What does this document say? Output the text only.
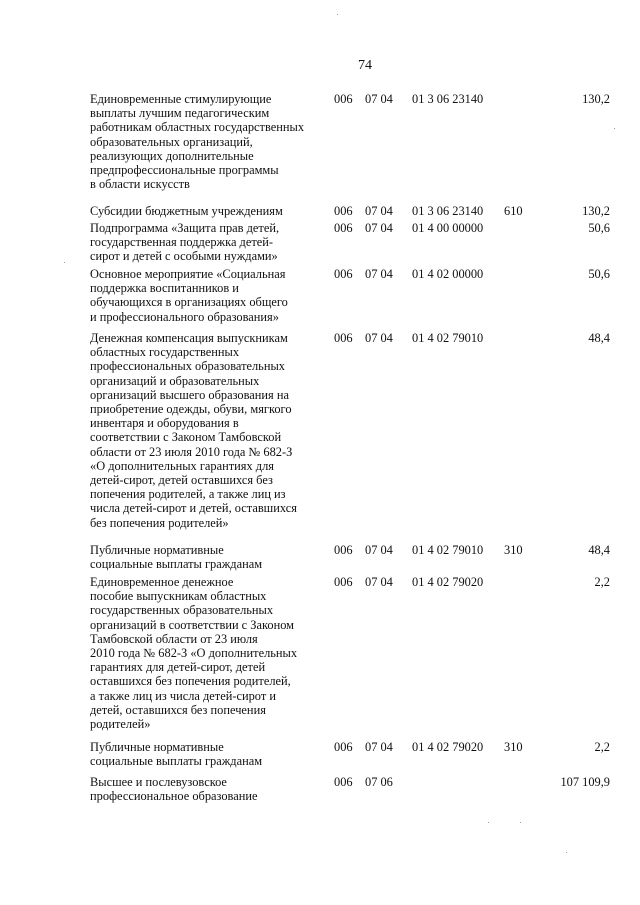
74
Единовременные стимулирующие
выплаты лучшим педагогическим
работникам областных государственных
образовательных организаций,
реализующих дополнительные
предпрофессиональные программы
в области искусств
006 07 04 01 3 06 23140	130,2
Субсидии бюджетным учреждениям	006 07 04 01 3 06 23140 610	130,2
Подпрограмма «Защита прав детей,
государственная поддержка детей-
сирот и детей с особыми нуждами»
006 07 04 01 4 00 00000	50,6
Основное мероприятие «Социальная
поддержка воспитанников и
обучающихся в организациях общего
и профессионального образования»
006 07 04 01 4 02 00000	50,6
Денежная компенсация выпускникам
областных государственных
профессиональных образовательных
организаций и образовательных
организаций высшего образования на
приобретение одежды, обуви, мягкого
инвентаря и оборудования в
соответствии с Законом Тамбовской
области от 23 июля 2010 года № 682-З
«О дополнительных гарантиях для
детей-сирот, детей оставшихся без
попечения родителей, а также лиц из
числа детей-сирот и детей, оставшихся
без попечения родителей»
006 07 04 01 4 02 79010	48,4
Публичные нормативные
социальные выплаты гражданам
006 07 04 01 4 02 79010 310	48,4
Единовременное денежное
пособие выпускникам областных
государственных образовательных
организаций в соответствии с Законом
Тамбовской области от 23 июля
2010 года № 682-З «О дополнительных
гарантиях для детей-сирот, детей
оставшихся без попечения родителей,
а также лиц из числа детей-сирот и
детей, оставшихся без попечения
родителей»
006 07 04 01 4 02 79020	2,2
Публичные нормативные
социальные выплаты гражданам
006 07 04 01 4 02 79020 310	2,2
Высшее и послевузовское
профессиональное образование
006 07 06	107 109,9
